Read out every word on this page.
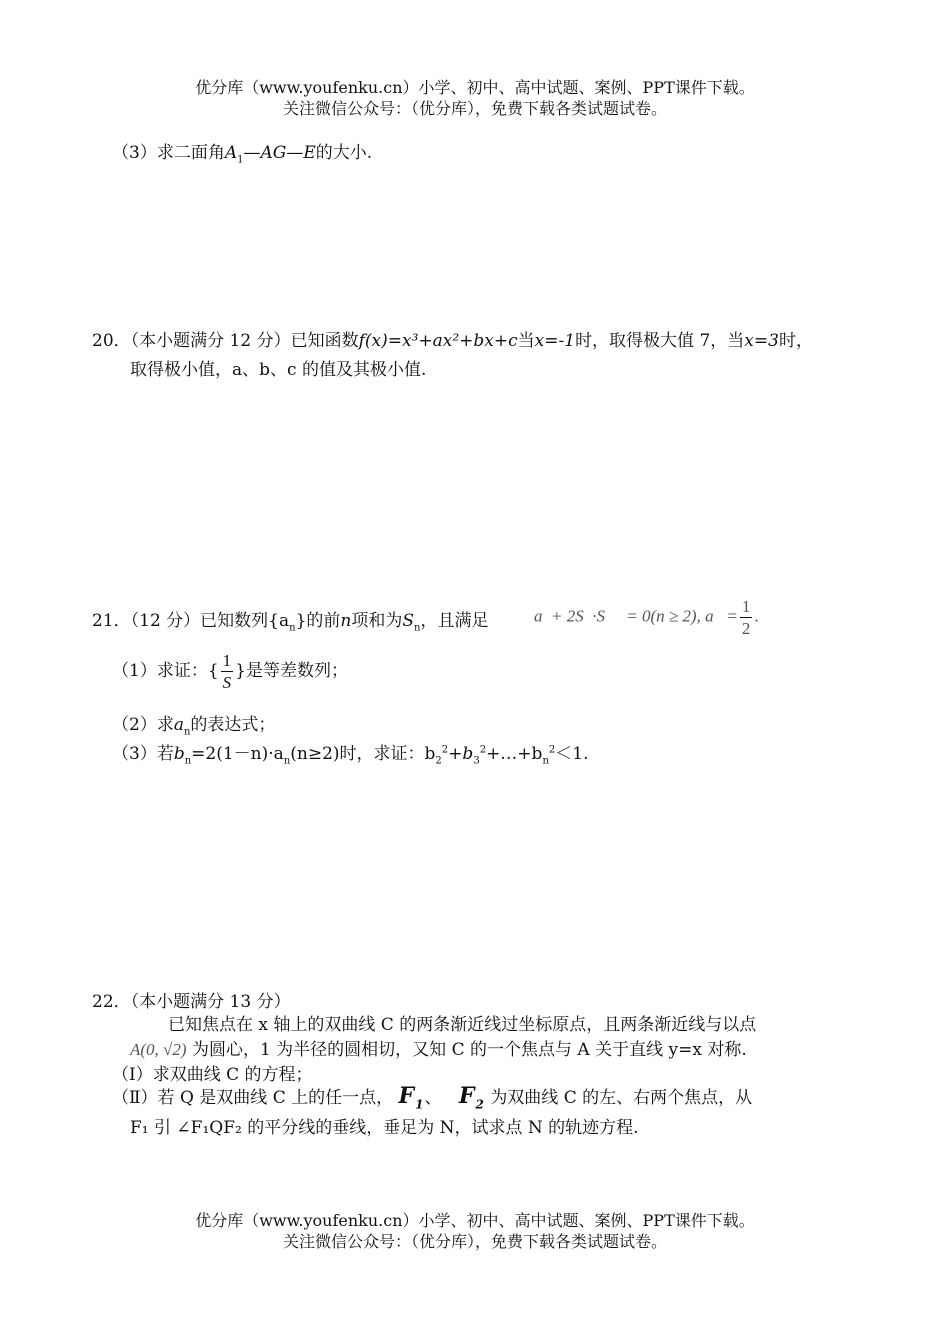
优分库（www.youfenku.cn）小学、初中、高中试题、案例、PPT课件下载。
关注微信公众号：（优分库），免费下载各类试题试卷。
（3）求二面角$A_1—AG—E$的大小.
20．（本小题满分 12 分）已知函数f(x)=x³+ax²+bx+c当x=-1时，取得极大值 7，当x=3时，
取得极小值，a、b、c 的值及其极小值.
21．（12 分）已知数列$\{a_n\}$的前n项和为$S_n$，且满足	a  + 2S  ·S     = 0(n ≥ 2), $a = \frac{1}{2}$ .
（1）求证：{ $\frac{1}{S}$ }是等差数列；
（2）求$a_n$的表达式；
（3）若$b_n=2(1-n)\cdot a_n(n\ge 2)$时，求证：$b_2^2+b_3^2+\dots+b_n^2<1$.
22．（本小题满分 13 分）
已知焦点在 x 轴上的双曲线 C 的两条渐近线过坐标原点，且两条渐近线与以点
A(0, √2) 为圆心，1 为半径的圆相切，又知 C 的一个焦点与 A 关于直线 y=x 对称.
（Ⅰ）求双曲线 C 的方程；
（Ⅱ）若 Q 是双曲线 C 上的任一点， $F_1$、 $F_2$ 为双曲线 C 的左、右两个焦点，从
F₁ 引 ∠F₁QF₂ 的平分线的垂线，垂足为 N，试求点 N 的轨迹方程.
优分库（www.youfenku.cn）小学、初中、高中试题、案例、PPT课件下载。
关注微信公众号：（优分库），免费下载各类试题试卷。
